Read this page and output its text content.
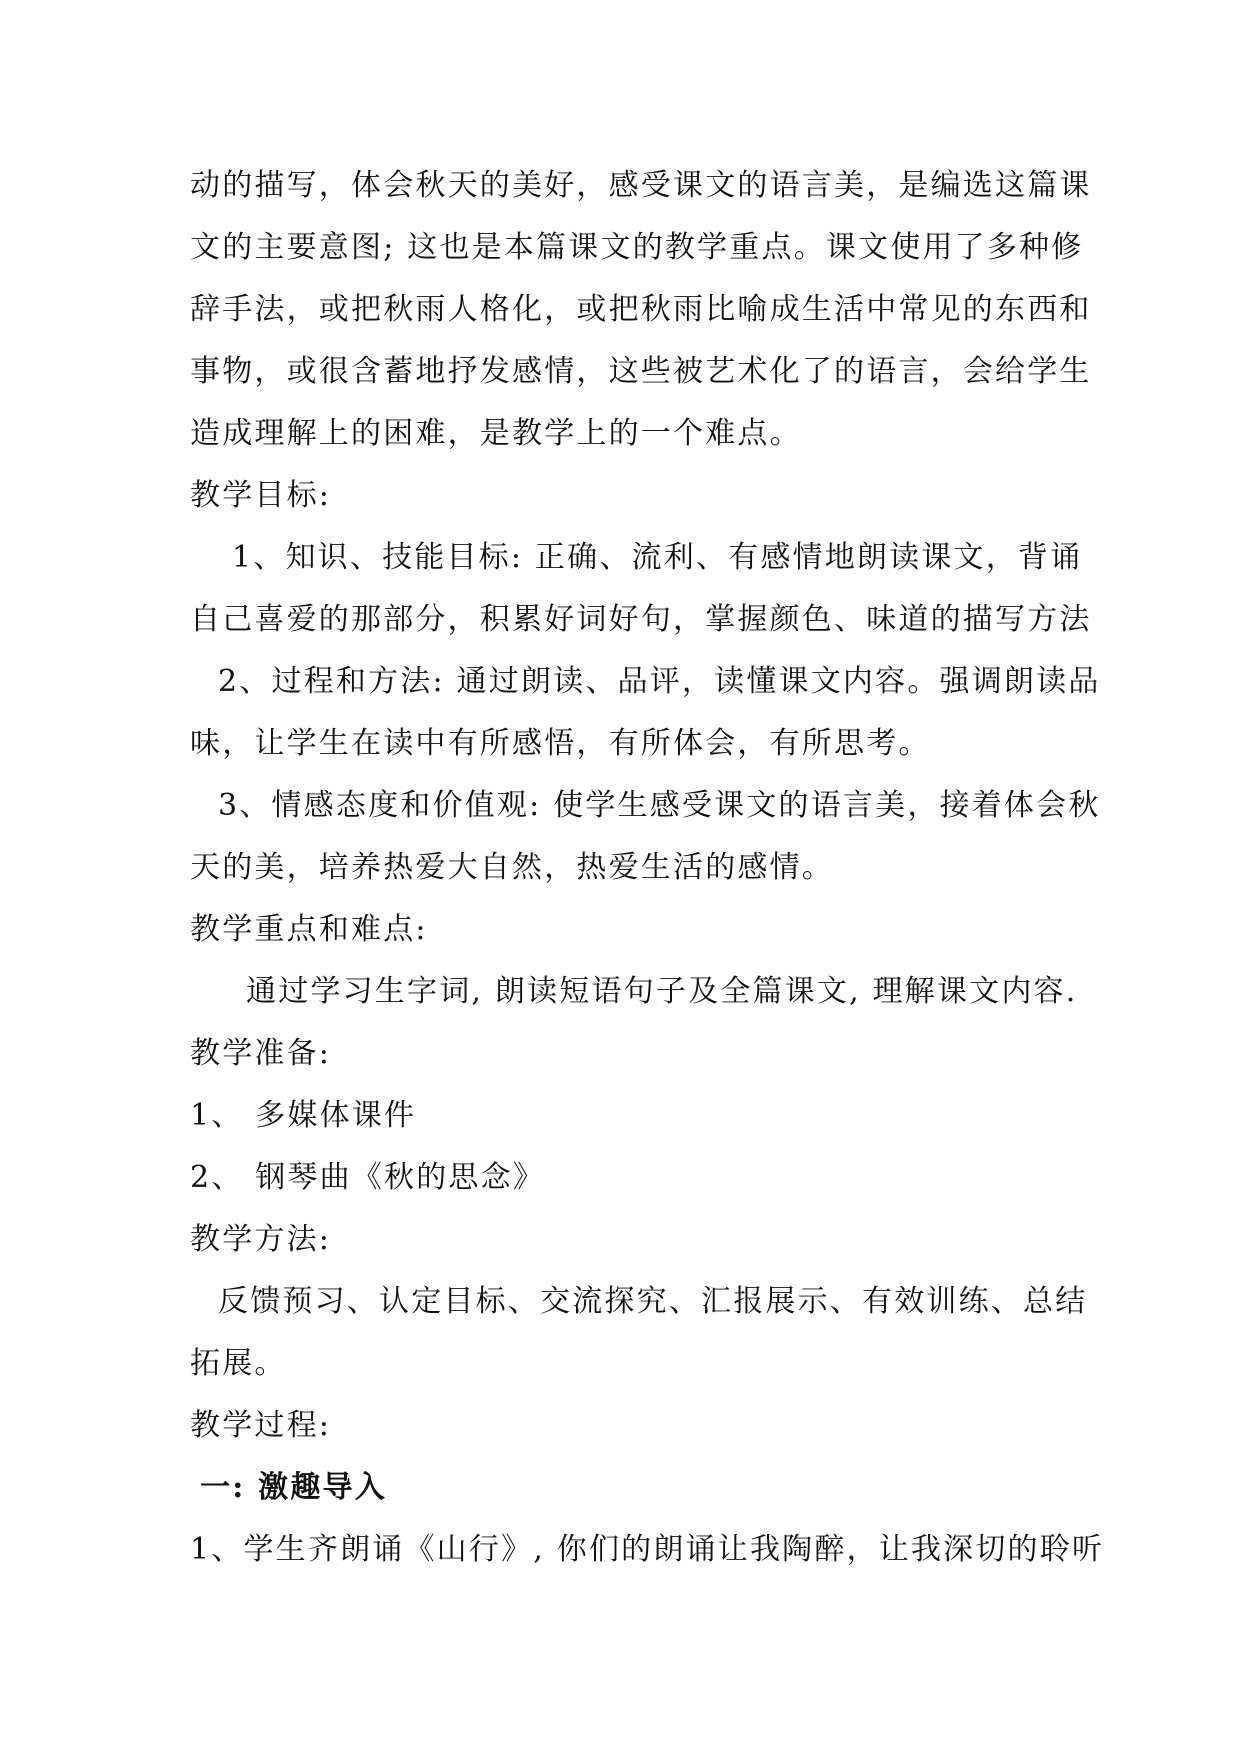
动的描写，体会秋天的美好，感受课文的语言美，是编选这篇课
文的主要意图; 这也是本篇课文的教学重点。课文使用了多种修
辞手法，或把秋雨人格化，或把秋雨比喻成生活中常见的东西和
事物，或很含蓄地抒发感情，这些被艺术化了的语言，会给学生
造成理解上的困难，是教学上的一个难点。
教学目标:
1、知识、技能目标: 正确、流利、有感情地朗读课文，背诵
自己喜爱的那部分，积累好词好句，掌握颜色、味道的描写方法
2、过程和方法: 通过朗读、品评，读懂课文内容。强调朗读品
味，让学生在读中有所感悟，有所体会，有所思考。
3、情感态度和价值观: 使学生感受课文的语言美，接着体会秋
天的美，培养热爱大自然，热爱生活的感情。
教学重点和难点:
通过学习生字词, 朗读短语句子及全篇课文, 理解课文内容.
教学准备:
1、 多媒体课件
2、 钢琴曲《秋的思念》
教学方法:
反馈预习、认定目标、交流探究、汇报展示、有效训练、总结
拓展。
教学过程:
一: 激趣导入
1、学生齐朗诵《山行》, 你们的朗诵让我陶醉，让我深切的聆听
